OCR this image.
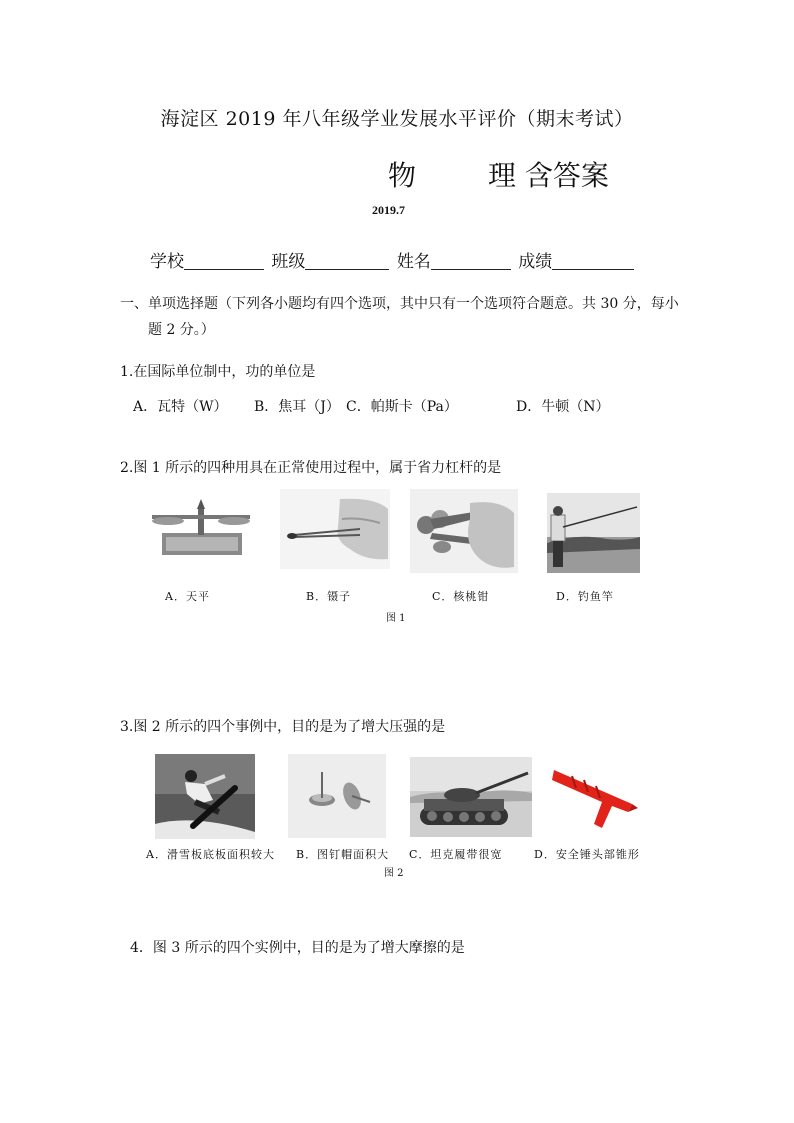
海淀区 2019 年八年级学业发展水平评价（期末考试）
物	理 含答案
2019.7
学校	班级	姓名	成绩
一、单项选择题（下列各小题均有四个选项，其中只有一个选项符合题意。共 30 分，每小
题 2 分。）
1.在国际单位制中，功的单位是
A．瓦特（W） B．焦耳（J） C．帕斯卡（Pa）	D．牛顿（N）
2.图 1 所示的四种用具在正常使用过程中，属于省力杠杆的是
A．天平	B．镊子	C．核桃钳	D．钓鱼竿
图 1
3.图 2 所示的四个事例中，目的是为了增大压强的是
A．滑雪板底板面积较大 B．图钉帽面积大 C．坦克履带很宽	D．安全锤头部锥形
图 2
4．图 3 所示的四个实例中，目的是为了增大摩擦的是
